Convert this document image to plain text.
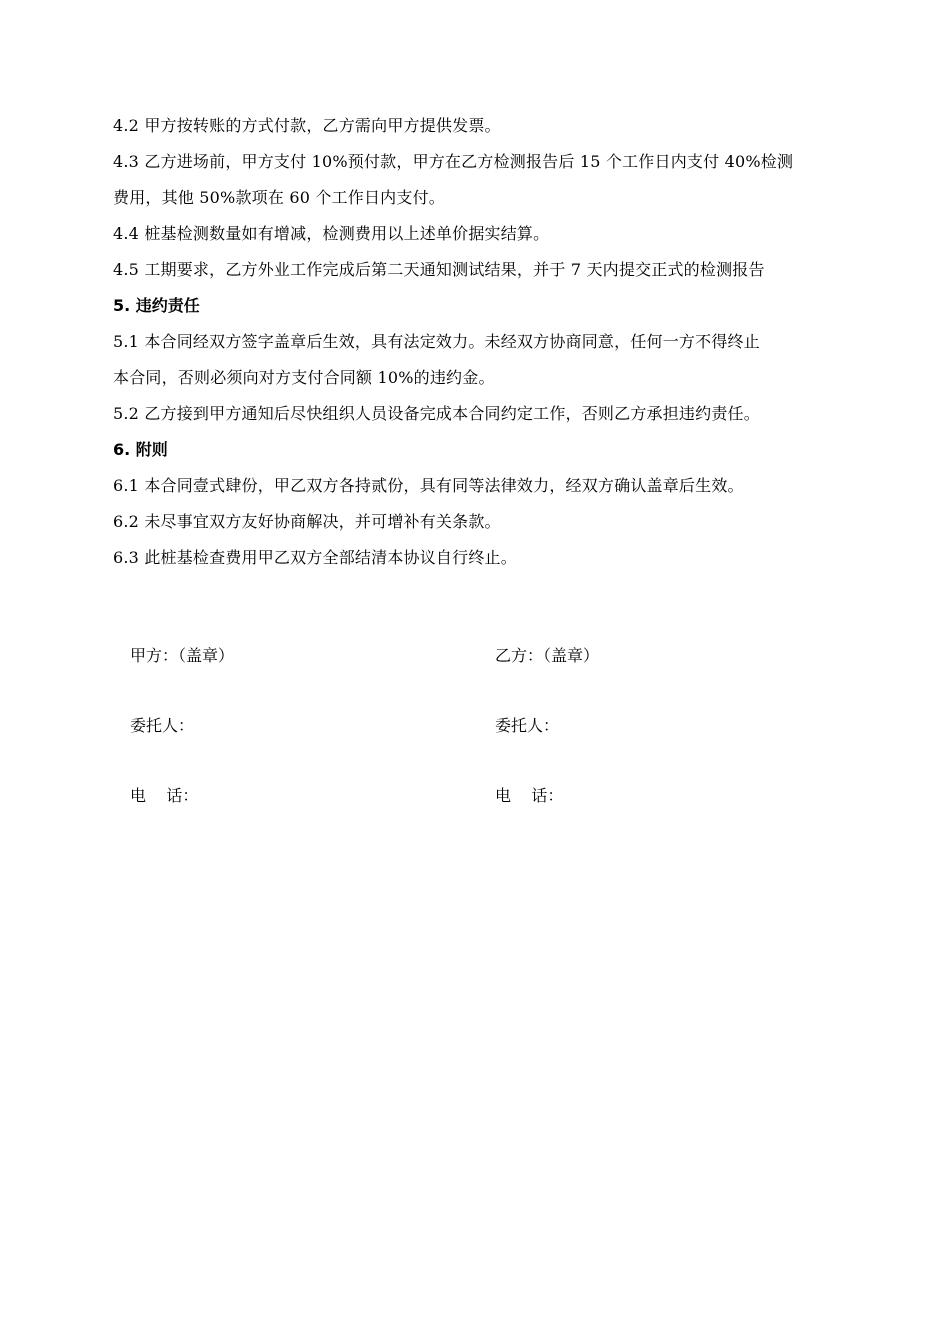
4.2 甲方按转账的方式付款，乙方需向甲方提供发票。
4.3 乙方进场前，甲方支付 10%预付款，甲方在乙方检测报告后 15 个工作日内支付 40%检测
费用，其他 50%款项在 60 个工作日内支付。
4.4 桩基检测数量如有增减，检测费用以上述单价据实结算。
4.5 工期要求，乙方外业工作完成后第二天通知测试结果，并于 7 天内提交正式的检测报告
5. 违约责任
5.1 本合同经双方签字盖章后生效，具有法定效力。未经双方协商同意，任何一方不得终止
本合同，否则必须向对方支付合同额 10%的违约金。
5.2 乙方接到甲方通知后尽快组织人员设备完成本合同约定工作，否则乙方承担违约责任。
6. 附则
6.1 本合同壹式肆份，甲乙双方各持贰份，具有同等法律效力，经双方确认盖章后生效。
6.2 未尽事宜双方友好协商解决，并可增补有关条款。
6.3 此桩基检查费用甲乙双方全部结清本协议自行终止。
甲方：（盖章）	乙方：（盖章）
委托人：	委托人：
电    话：	电    话：
